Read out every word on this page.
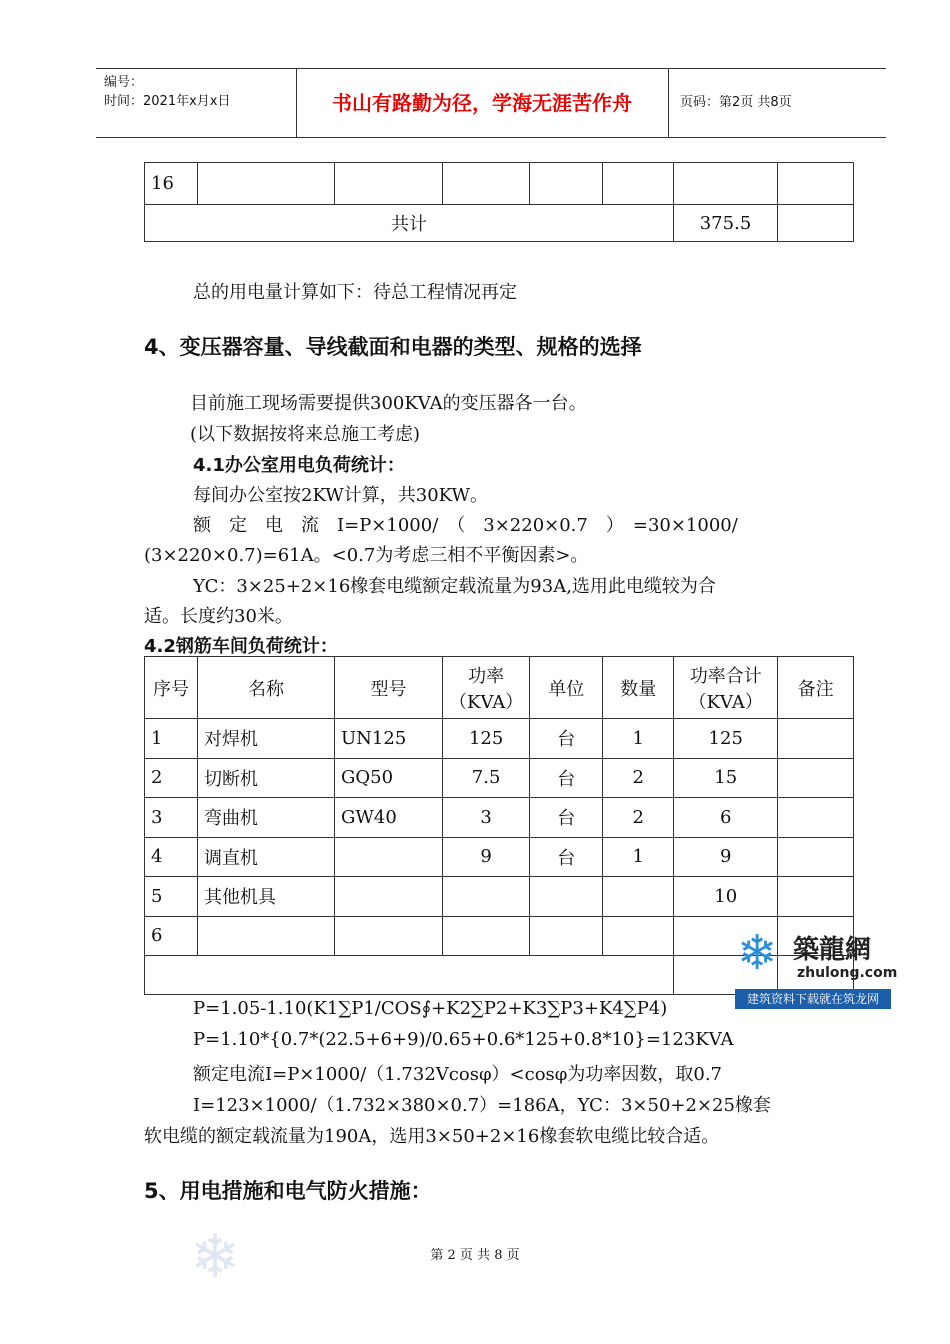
编号：
时间：2021年x月x日	书山有路勤为径，学海无涯苦作舟	页码：第2页 共8页
16							
共计						375.5	
总的用电量计算如下：待总工程情况再定
4、变压器容量、导线截面和电器的类型、规格的选择
目前施工现场需要提供300KVA的变压器各一台。
(以下数据按将来总施工考虑)
4.1办公室用电负荷统计：
每间办公室按2KW计算，共30KW。
额　定　电　流　I=P×1000/　（　3×220×0.7　）　=30×1000/
(3×220×0.7)=61A。<0.7为考虑三相不平衡因素>。
YC：3×25+2×16橡套电缆额定载流量为93A,选用此电缆较为合
适。长度约30米。
4.2钢筋车间负荷统计：
序号	名称	型号	功率（KVA）	单位	数量	功率合计（KVA）	备注
1	对焊机	UN125	125	台	1	125	
2	切断机	GQ50	7.5	台	2	15	
3	弯曲机	GW40	3	台	2	6	
4	调直机		9	台	1	9	
5	其他机具					10	
6							

P=1.05-1.10(K1∑P1/COS∮+K2∑P2+K3∑P3+K4∑P4)
P=1.10*{0.7*(22.5+6+9)/0.65+0.6*125+0.8*10}=123KVA
额定电流I=P×1000/（1.732Vcosφ）<cosφ为功率因数，取0.7
I=123×1000/（1.732×380×0.7）=186A，YC：3×50+2×25橡套
软电缆的额定载流量为190A，选用3×50+2×16橡套软电缆比较合适。
5、用电措施和电气防火措施：
❄ 築龍網
zhulong.com
建筑资料下载就在筑龙网
❄	第 2 页 共 8 页
